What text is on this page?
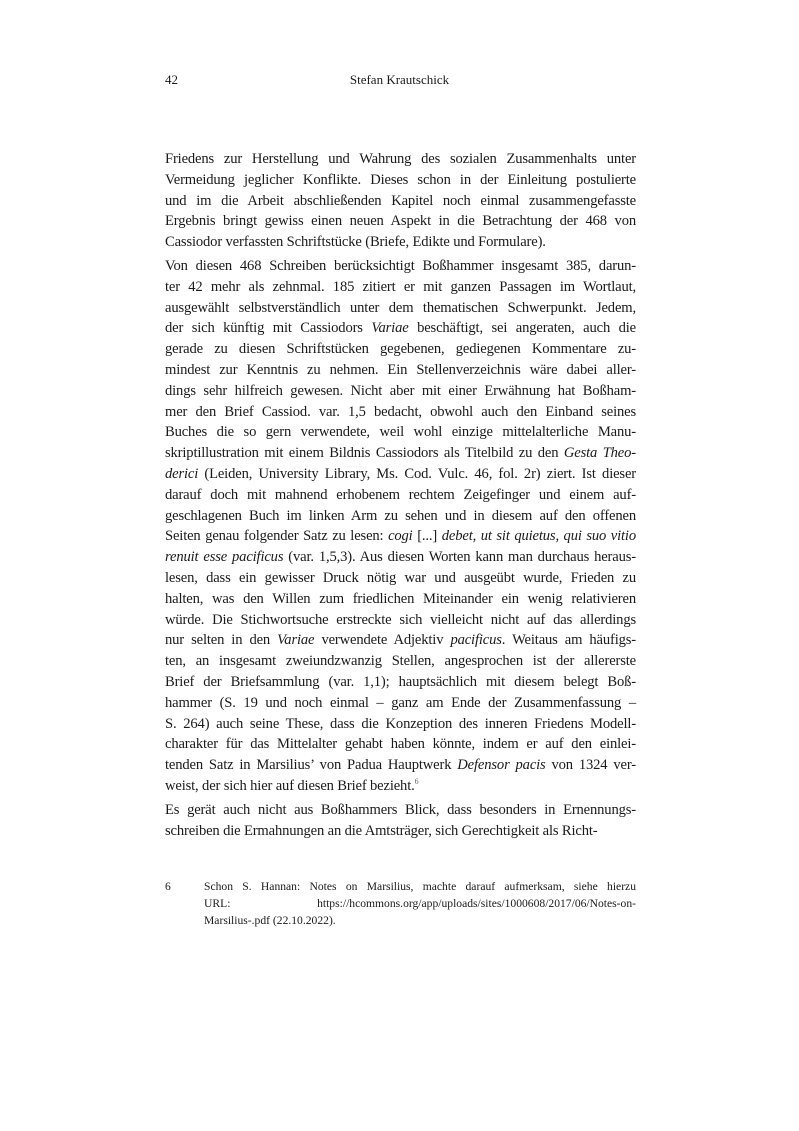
42	Stefan Krautschick
Friedens zur Herstellung und Wahrung des sozialen Zusammenhalts unter
Vermeidung jeglicher Konflikte. Dieses schon in der Einleitung postulierte
und im die Arbeit abschließenden Kapitel noch einmal zusammengefasste
Ergebnis bringt gewiss einen neuen Aspekt in die Betrachtung der 468 von
Cassiodor verfassten Schriftstücke (Briefe, Edikte und Formulare).
Von diesen 468 Schreiben berücksichtigt Boßhammer insgesamt 385, darun-
ter 42 mehr als zehnmal. 185 zitiert er mit ganzen Passagen im Wortlaut,
ausgewählt selbstverständlich unter dem thematischen Schwerpunkt. Jedem,
der sich künftig mit Cassiodors Variae beschäftigt, sei angeraten, auch die
gerade zu diesen Schriftstücken gegebenen, gediegenen Kommentare zu-
mindest zur Kenntnis zu nehmen. Ein Stellenverzeichnis wäre dabei aller-
dings sehr hilfreich gewesen. Nicht aber mit einer Erwähnung hat Boßham-
mer den Brief Cassiod. var. 1,5 bedacht, obwohl auch den Einband seines
Buches die so gern verwendete, weil wohl einzige mittelalterliche Manu-
skriptillustration mit einem Bildnis Cassiodors als Titelbild zu den Gesta Theo-
derici (Leiden, University Library, Ms. Cod. Vulc. 46, fol. 2r) ziert. Ist dieser
darauf doch mit mahnend erhobenem rechtem Zeigefinger und einem auf-
geschlagenen Buch im linken Arm zu sehen und in diesem auf den offenen
Seiten genau folgender Satz zu lesen: cogi [...] debet, ut sit quietus, qui suo vitio
renuit esse pacificus (var. 1,5,3). Aus diesen Worten kann man durchaus heraus-
lesen, dass ein gewisser Druck nötig war und ausgeübt wurde, Frieden zu
halten, was den Willen zum friedlichen Miteinander ein wenig relativieren
würde. Die Stichwortsuche erstreckte sich vielleicht nicht auf das allerdings
nur selten in den Variae verwendete Adjektiv pacificus. Weitaus am häufigs-
ten, an insgesamt zweiundzwanzig Stellen, angesprochen ist der allererste
Brief der Briefsammlung (var. 1,1); hauptsächlich mit diesem belegt Boß-
hammer (S. 19 und noch einmal – ganz am Ende der Zusammenfassung –
S. 264) auch seine These, dass die Konzeption des inneren Friedens Modell-
charakter für das Mittelalter gehabt haben könnte, indem er auf den einlei-
tenden Satz in Marsilius’ von Padua Hauptwerk Defensor pacis von 1324 ver-
weist, der sich hier auf diesen Brief bezieht.$^6$
Es gerät auch nicht aus Boßhammers Blick, dass besonders in Ernennungs-
schreiben die Ermahnungen an die Amtsträger, sich Gerechtigkeit als Richt-
6	Schon S. Hannan: Notes on Marsilius, machte darauf aufmerksam, siehe hierzu
URL: https://hcommons.org/app/uploads/sites/1000608/2017/06/Notes-on-
Marsilius-.pdf (22.10.2022).
